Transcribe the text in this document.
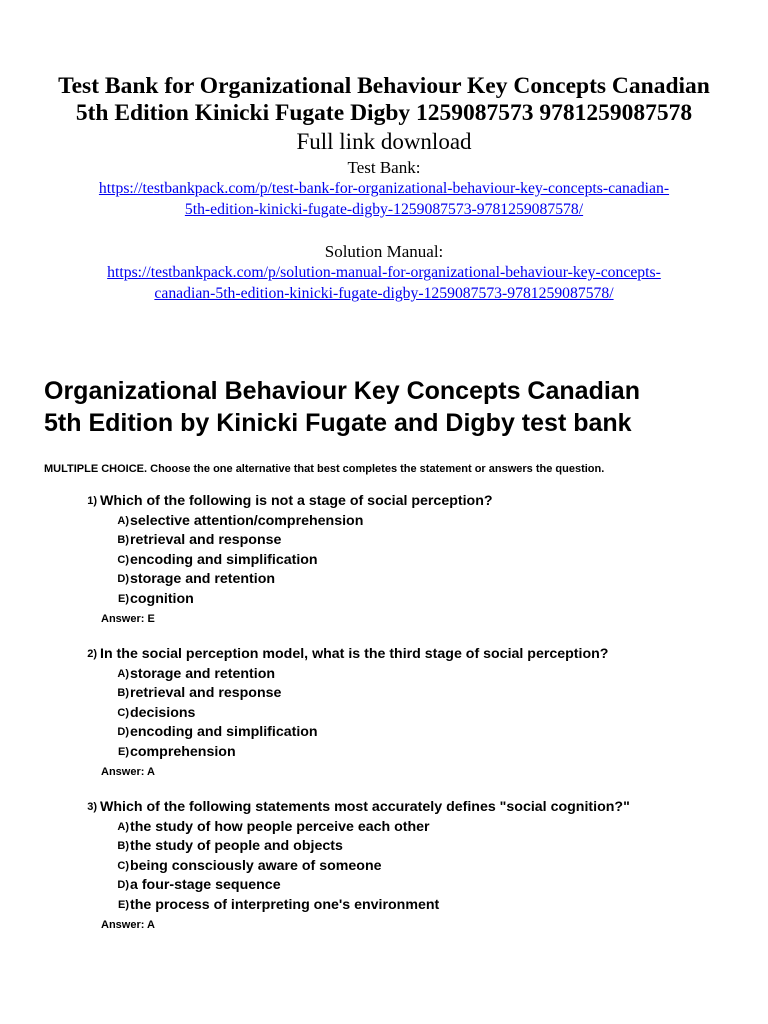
Test Bank for Organizational Behaviour Key Concepts Canadian
5th Edition Kinicki Fugate Digby 1259087573 9781259087578
Full link download
Test Bank:
https://testbankpack.com/p/test-bank-for-organizational-behaviour-key-concepts-canadian-
5th-edition-kinicki-fugate-digby-1259087573-9781259087578/
Solution Manual:
https://testbankpack.com/p/solution-manual-for-organizational-behaviour-key-concepts-
canadian-5th-edition-kinicki-fugate-digby-1259087573-9781259087578/
Organizational Behaviour Key Concepts Canadian
5th Edition by Kinicki Fugate and Digby test bank
MULTIPLE CHOICE. Choose the one alternative that best completes the statement or answers the question.
1) Which of the following is not a stage of social perception?
A) selective attention/comprehension
B) retrieval and response
C) encoding and simplification
D) storage and retention
E) cognition
Answer: E
2) In the social perception model, what is the third stage of social perception?
A) storage and retention
B) retrieval and response
C) decisions
D) encoding and simplification
E) comprehension
Answer: A
3) Which of the following statements most accurately defines "social cognition?"
A) the study of how people perceive each other
B) the study of people and objects
C) being consciously aware of someone
D) a four-stage sequence
E) the process of interpreting one's environment
Answer: A
